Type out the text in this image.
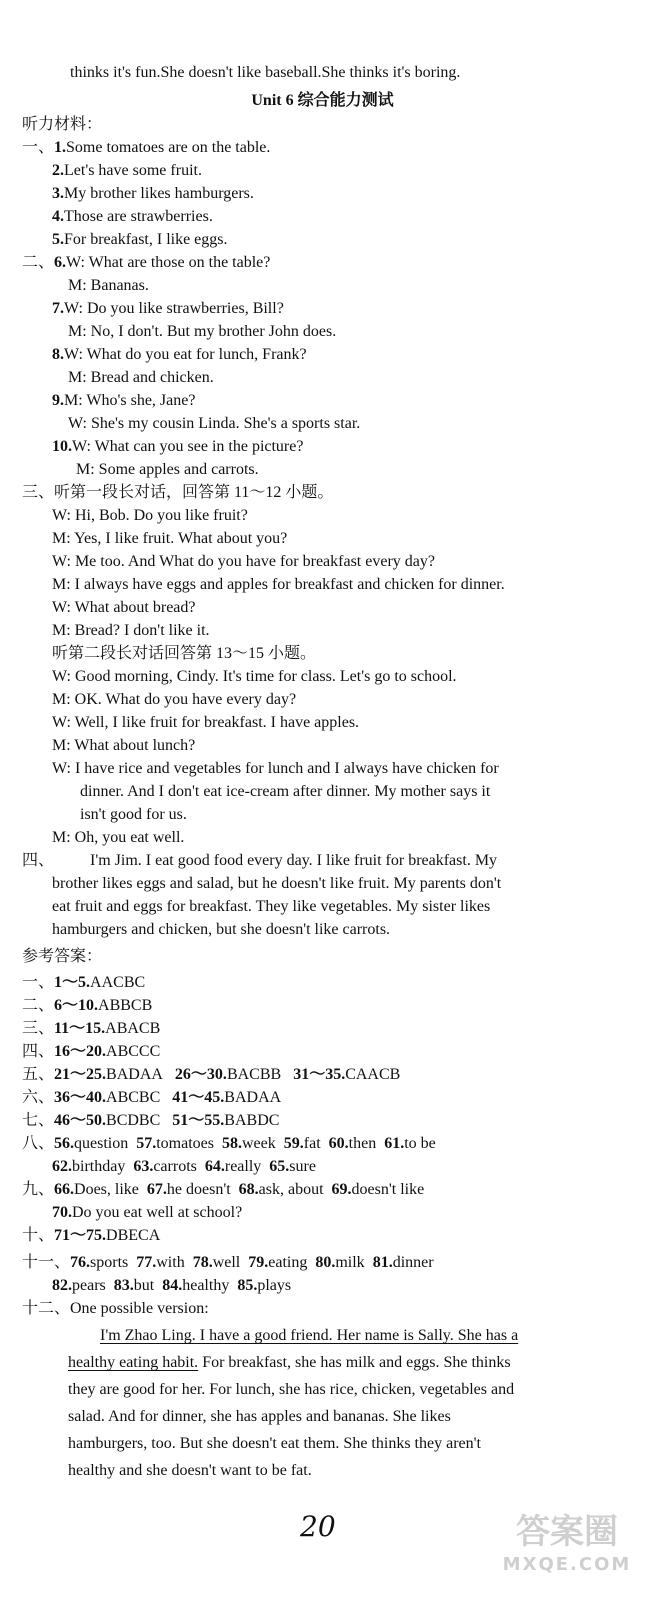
thinks it's fun.She doesn't like baseball.She thinks it's boring.
Unit 6 综合能力测试
听力材料：
一、1.Some tomatoes are on the table.
2.Let's have some fruit.
3.My brother likes hamburgers.
4.Those are strawberries.
5.For breakfast, I like eggs.
二、6.W: What are those on the table?
M: Bananas.
7.W: Do you like strawberries, Bill?
M: No, I don't. But my brother John does.
8.W: What do you eat for lunch, Frank?
M: Bread and chicken.
9.M: Who's she, Jane?
W: She's my cousin Linda. She's a sports star.
10.W: What can you see in the picture?
M: Some apples and carrots.
三、听第一段长对话，回答第 11～12 小题。
W: Hi, Bob. Do you like fruit?
M: Yes, I like fruit. What about you?
W: Me too. And What do you have for breakfast every day?
M: I always have eggs and apples for breakfast and chicken for dinner.
W: What about bread?
M: Bread? I don't like it.
听第二段长对话回答第 13～15 小题。
W: Good morning, Cindy. It's time for class. Let's go to school.
M: OK. What do you have every day?
W: Well, I like fruit for breakfast. I have apples.
M: What about lunch?
W: I have rice and vegetables for lunch and I always have chicken for
dinner. And I don't eat ice-cream after dinner. My mother says it
isn't good for us.
M: Oh, you eat well.
四、 I'm Jim. I eat good food every day. I like fruit for breakfast. My
brother likes eggs and salad, but he doesn't like fruit. My parents don't
eat fruit and eggs for breakfast. They like vegetables. My sister likes
hamburgers and chicken, but she doesn't like carrots.
参考答案：
一、1～5.AACBC
二、6～10.ABBCB
三、11～15.ABACB
四、16～20.ABCCC
五、21～25.BADAA 26～30.BACBB 31～35.CAACB
六、36～40.ABCBC 41～45.BADAA
七、46～50.BCDBC 51～55.BABDC
八、56.question 57.tomatoes 58.week 59.fat 60.then 61.to be
62.birthday 63.carrots 64.really 65.sure
九、66.Does, like 67.he doesn't 68.ask, about 69.doesn't like
70.Do you eat well at school?
十、71～75.DBECA
十一、76.sports 77.with 78.well 79.eating 80.milk 81.dinner
82.pears 83.but 84.healthy 85.plays
十二、One possible version:
I'm Zhao Ling. I have a good friend. Her name is Sally. She has a
healthy eating habit. For breakfast, she has milk and eggs. She thinks
they are good for her. For lunch, she has rice, chicken, vegetables and
salad. And for dinner, she has apples and bananas. She likes
hamburgers, too. But she doesn't eat them. She thinks they aren't
healthy and she doesn't want to be fat.
20	答案圈
MXQE.COM
